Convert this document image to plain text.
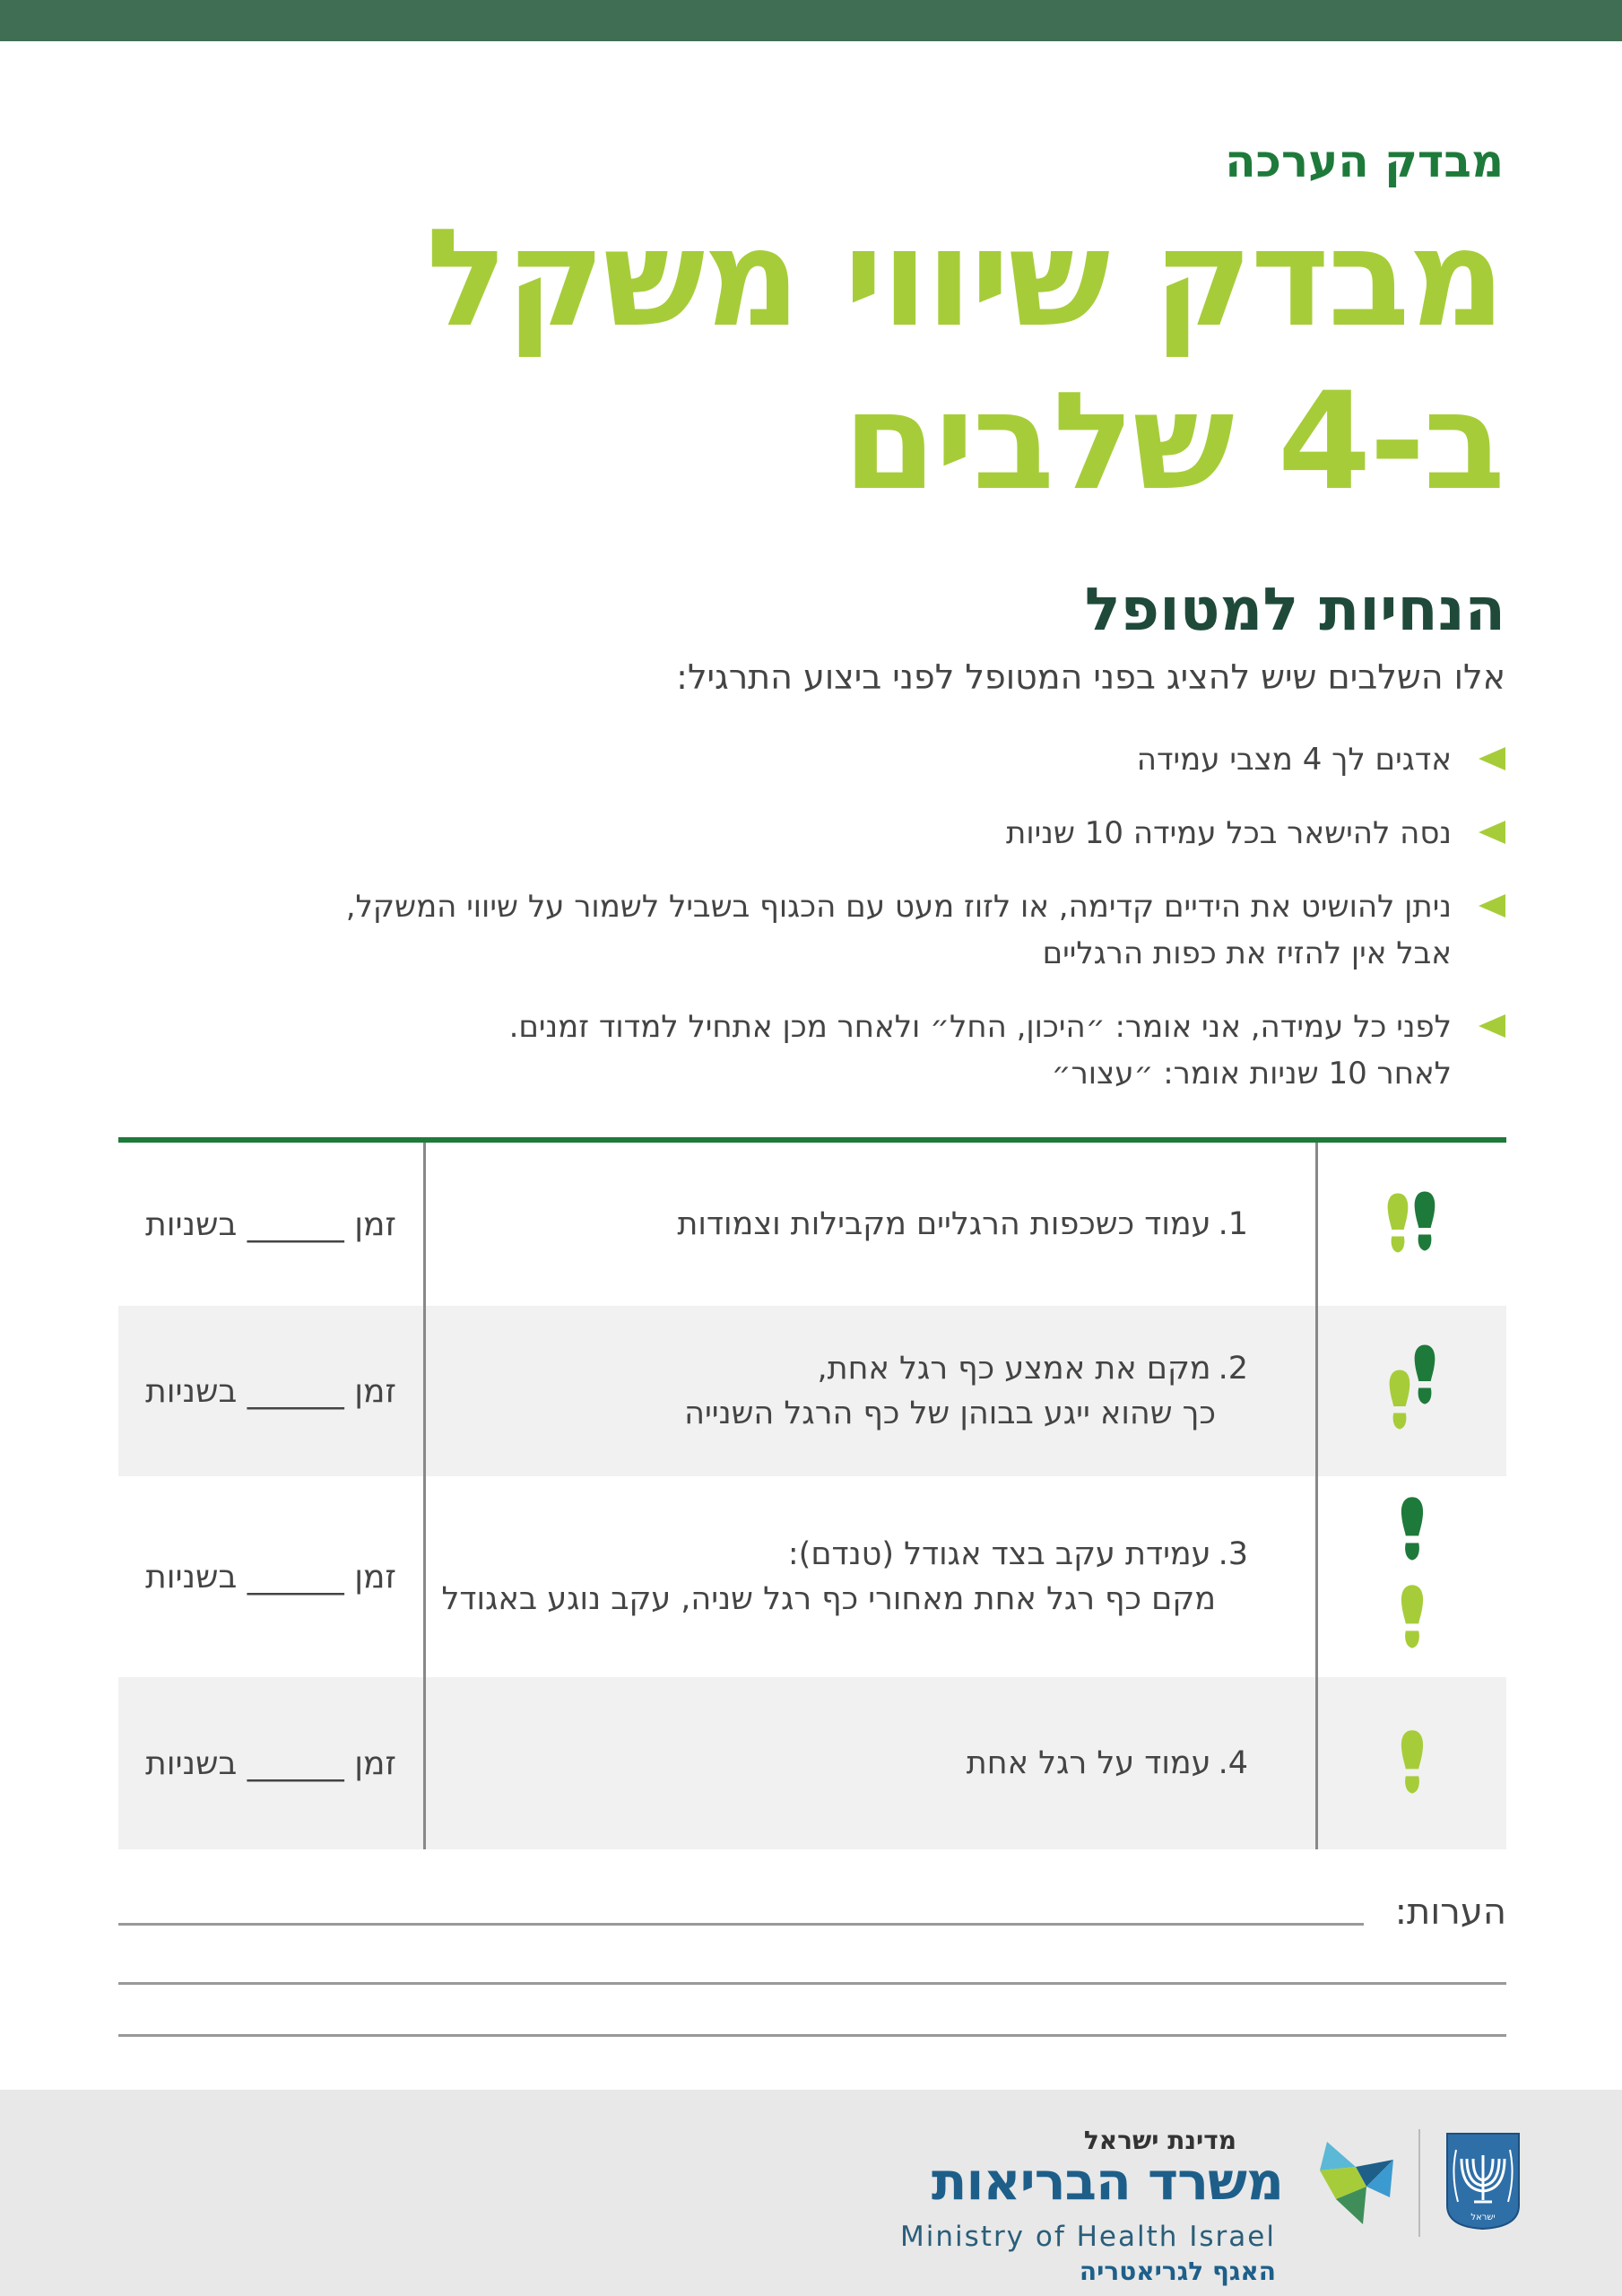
מבדק הערכה

מבדק שיווי משקל
ב-4 שלבים
הנחיות למטופל

אלו השלבים שיש להציג בפני המטופל לפני ביצוע התרגיל:

אדגים לך 4 מצבי עמידה
נסה להישאר בכל עמידה 10 שניות
ניתן להושיט את הידיים קדימה, או לזוז מעט עם הכגוף בשביל לשמור על שיווי המשקל,
אבל אין להזיז את כפות הרגליים
לפני כל עמידה, אני אומר: ״היכון, החל״ ולאחר מכן אתחיל למדוד זמנים.
לאחר 10 שניות אומר: ״עצור״
1.עמוד כשכפות הרגליים מקבילות וצמודות
זמן ______ בשניות
2.מקם את אמצע כף רגל אחת,
כך שהוא ייגע בבוהן של כף הרגל השנייה
זמן ______ בשניות
3.עמידת עקב בצד אגודל (טנדם):
מקם כף רגל אחת מאחורי כף רגל שניה, עקב נוגע באגודל
זמן ______ בשניות
4.עמוד על רגל אחת
זמן ______ בשניות
הערות:
ישראל
מדינת ישראל
משרד הבריאות
Ministry of Health Israel
האגף לגריאטריה
